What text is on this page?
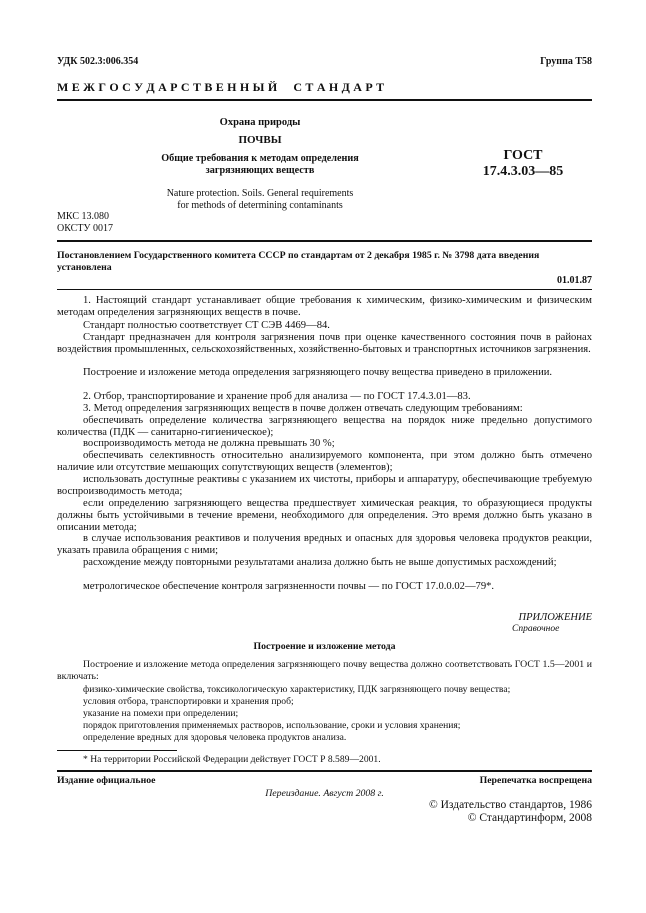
УДК 502.3:006.354	Группа Т58
М Е Ж Г О С У Д А Р С Т В Е Н Н Ы Й     С Т А Н Д А Р Т
Охрана природы
ПОЧВЫ
Общие требования к методам определения
загрязняющих веществ
Nature protection. Soils. General requirements
for methods of determining contaminants
ГОСТ
17.4.3.03—85
МКС 13.080
ОКСТУ 0017
Постановлением Государственного комитета СССР по стандартам от 2 декабря 1985 г. № 3798 дата введения установлена
01.01.87
1. Настоящий стандарт устанавливает общие требования к химическим, физико-химическим и физическим методам определения загрязняющих веществ в почве.
Стандарт полностью соответствует СТ СЭВ 4469—84.
Стандарт предназначен для контроля загрязнения почв при оценке качественного состояния почв в районах воздействия промышленных, сельскохозяйственных, хозяйственно-бытовых и транспортных источников загрязнения.
Построение и изложение метода определения загрязняющего почву вещества приведено в приложении.
2. Отбор, транспортирование и хранение проб для анализа — по ГОСТ 17.4.3.01—83.
3. Метод определения загрязняющих веществ в почве должен отвечать следующим требованиям:
обеспечивать определение количества загрязняющего вещества на порядок ниже предельно допустимого количества (ПДК — санитарно-гигиеническое);
воспроизводимость метода не должна превышать 30 %;
обеспечивать селективность относительно анализируемого компонента, при этом должно быть отмечено наличие или отсутствие мешающих сопутствующих веществ (элементов);
использовать доступные реактивы с указанием их чистоты, приборы и аппаратуру, обеспечивающие требуемую воспроизводимость метода;
если определению загрязняющего вещества предшествует химическая реакция, то образующиеся продукты должны быть устойчивыми в течение времени, необходимого для определения. Это время должно быть указано в описании метода;
в случае использования реактивов и получения вредных и опасных для здоровья человека продуктов реакции, указать правила обращения с ними;
расхождение между повторными результатами анализа должно быть не выше допустимых расхождений;
метрологическое обеспечение контроля загрязненности почвы — по ГОСТ 17.0.0.02—79*.
ПРИЛОЖЕНИЕ
Справочное
Построение и изложение метода
Построение и изложение метода определения загрязняющего почву вещества должно соответствовать ГОСТ 1.5—2001 и включать:
физико-химические свойства, токсикологическую характеристику, ПДК загрязняющего почву вещества;
условия отбора, транспортировки и хранения проб;
указание на помехи при определении;
порядок приготовления применяемых растворов, использование, сроки и условия хранения;
определение вредных для здоровья человека продуктов анализа.
* На территории Российской Федерации действует ГОСТ Р 8.589—2001.
Издание официальное	Перепечатка воспрещена
Переиздание. Август 2008 г.
© Издательство стандартов, 1986
© Стандартинформ, 2008
